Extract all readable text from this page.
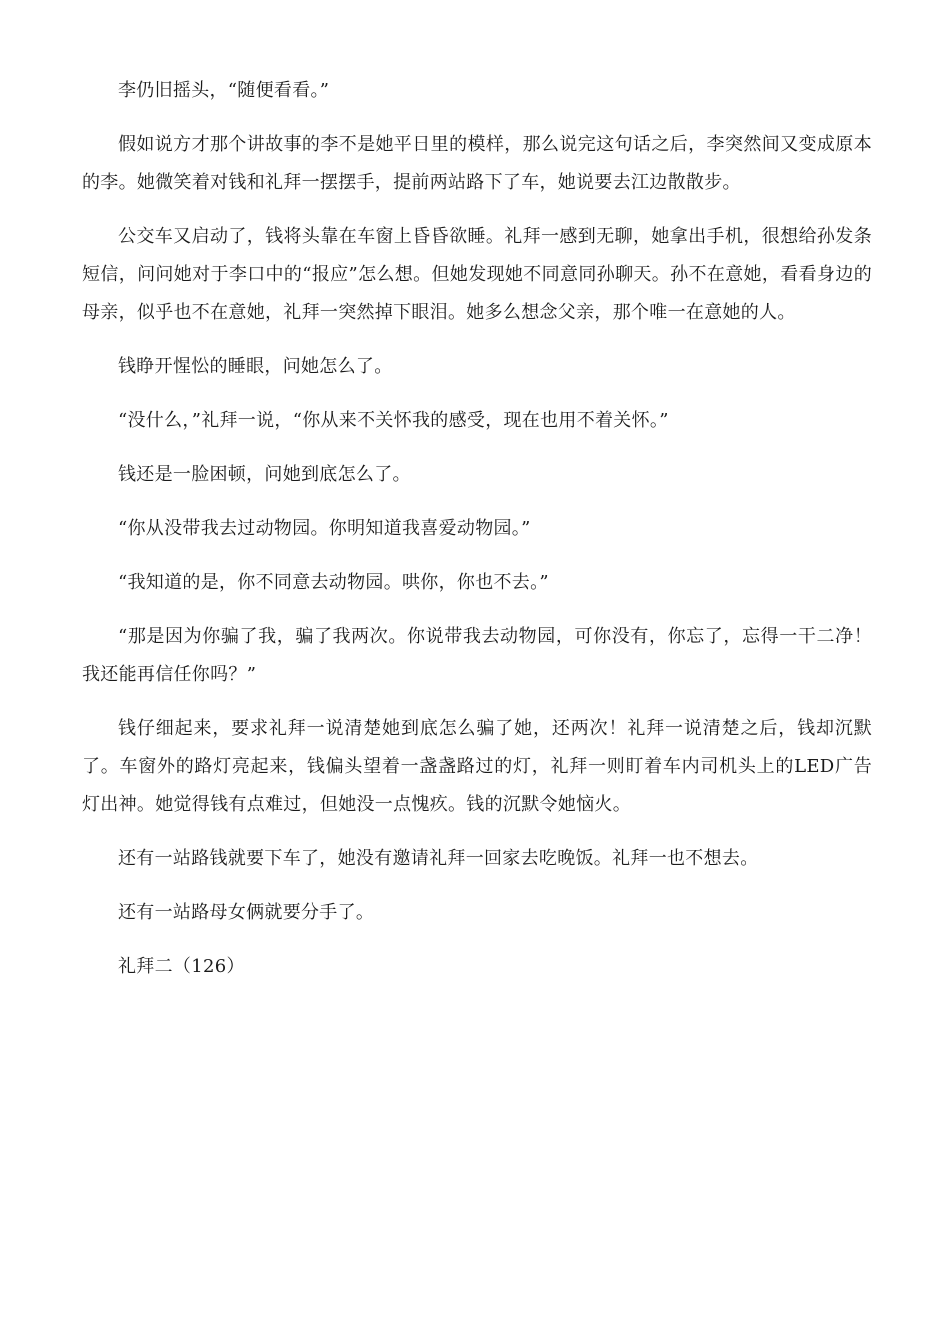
李仍旧摇头，“随便看看。”

假如说方才那个讲故事的李不是她平日里的模样，那么说完这句话之后，李突然间又变成原本的李。她微笑着对钱和礼拜一摆摆手，提前两站路下了车，她说要去江边散散步。

公交车又启动了，钱将头靠在车窗上昏昏欲睡。礼拜一感到无聊，她拿出手机，很想给孙发条短信，问问她对于李口中的“报应”怎么想。但她发现她不同意同孙聊天。孙不在意她，看看身边的母亲，似乎也不在意她，礼拜一突然掉下眼泪。她多么想念父亲，那个唯一在意她的人。

钱睁开惺忪的睡眼，问她怎么了。

“没什么，”礼拜一说，“你从来不关怀我的感受，现在也用不着关怀。”

钱还是一脸困顿，问她到底怎么了。

“你从没带我去过动物园。你明知道我喜爱动物园。”

“我知道的是，你不同意去动物园。哄你，你也不去。”

“那是因为你骗了我，骗了我两次。你说带我去动物园，可你没有，你忘了，忘得一干二净！我还能再信任你吗？”

钱仔细起来，要求礼拜一说清楚她到底怎么骗了她，还两次！礼拜一说清楚之后，钱却沉默了。车窗外的路灯亮起来，钱偏头望着一盏盏路过的灯，礼拜一则盯着车内司机头上的LED广告灯出神。她觉得钱有点难过，但她没一点愧疚。钱的沉默令她恼火。

还有一站路钱就要下车了，她没有邀请礼拜一回家去吃晚饭。礼拜一也不想去。

还有一站路母女俩就要分手了。

礼拜二（126）
